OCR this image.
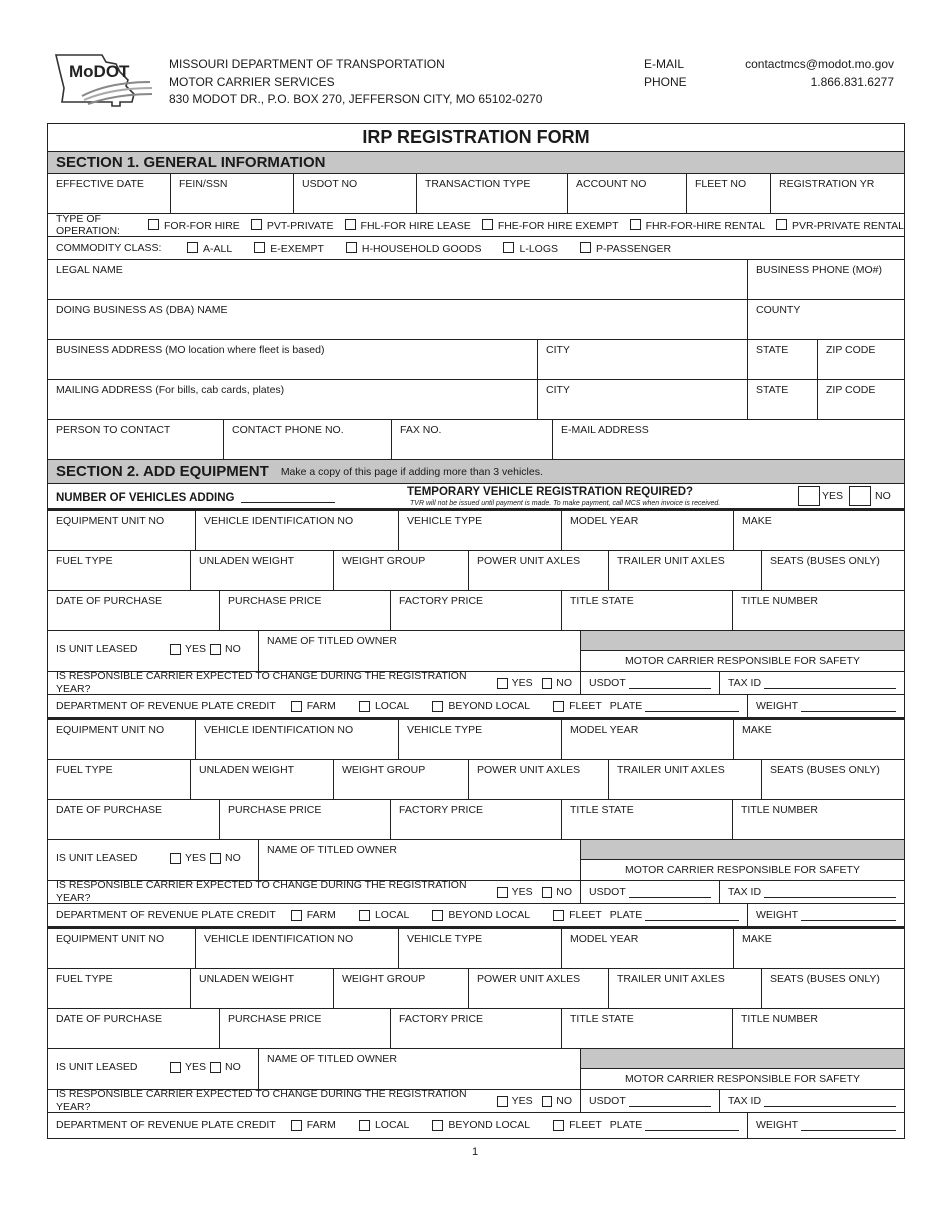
MoDOT	MISSOURI DEPARTMENT OF TRANSPORTATION
MOTOR CARRIER SERVICES
830 MODOT DR., P.O. BOX 270, JEFFERSON CITY, MO 65102-0270
E-MAIL
PHONE
contactmcs@modot.mo.gov
1.866.831.6277
IRP REGISTRATION FORM
SECTION 1. GENERAL INFORMATION
EFFECTIVE DATE	FEIN/SSN	USDOT NO	TRANSACTION TYPE	ACCOUNT NO	FLEET NO	REGISTRATION YR
TYPE OF OPERATION:	FOR-FOR HIRE	PVT-PRIVATE	FHL-FOR HIRE LEASE	FHE-FOR HIRE EXEMPT	FHR-FOR-HIRE RENTAL	PVR-PRIVATE RENTAL
COMMODITY CLASS:	A-ALL	E-EXEMPT	H-HOUSEHOLD GOODS	L-LOGS	P-PASSENGER
LEGAL NAME	BUSINESS PHONE (MO#)
DOING BUSINESS AS (DBA) NAME	COUNTY
BUSINESS ADDRESS (MO location where fleet is based)	CITY	STATE	ZIP CODE
MAILING ADDRESS (For bills, cab cards, plates)	CITY	STATE	ZIP CODE
PERSON TO CONTACT	CONTACT PHONE NO.	FAX NO.	E-MAIL ADDRESS
SECTION 2. ADD EQUIPMENT Make a copy of this page if adding more than 3 vehicles.
NUMBER OF VEHICLES ADDING	TEMPORARY VEHICLE REGISTRATION REQUIRED?
TVR will not be issued until payment is made. To make payment, call MCS when invoice is received.
YES	NO
EQUIPMENT UNIT NO	VEHICLE IDENTIFICATION NO	VEHICLE TYPE	MODEL YEAR	MAKE
FUEL TYPE	UNLADEN WEIGHT	WEIGHT GROUP	POWER UNIT AXLES	TRAILER UNIT AXLES	SEATS (BUSES ONLY)
DATE OF PURCHASE	PURCHASE PRICE	FACTORY PRICE	TITLE STATE	TITLE NUMBER
IS UNIT LEASED	YES NO
NAME OF TITLED OWNER
MOTOR CARRIER RESPONSIBLE FOR SAFETY
IS RESPONSIBLE CARRIER EXPECTED TO CHANGE DURING THE REGISTRATION YEAR?
YES NO USDOT	TAX ID
DEPARTMENT OF REVENUE PLATE CREDIT	FARM	LOCAL	BEYOND LOCAL	FLEET PLATE	WEIGHT
EQUIPMENT UNIT NO	VEHICLE IDENTIFICATION NO	VEHICLE TYPE	MODEL YEAR	MAKE
FUEL TYPE	UNLADEN WEIGHT	WEIGHT GROUP	POWER UNIT AXLES	TRAILER UNIT AXLES	SEATS (BUSES ONLY)
DATE OF PURCHASE	PURCHASE PRICE	FACTORY PRICE	TITLE STATE	TITLE NUMBER
IS UNIT LEASED	YES NO
NAME OF TITLED OWNER
MOTOR CARRIER RESPONSIBLE FOR SAFETY
IS RESPONSIBLE CARRIER EXPECTED TO CHANGE DURING THE REGISTRATION YEAR?
YES NO USDOT	TAX ID
DEPARTMENT OF REVENUE PLATE CREDIT	FARM	LOCAL	BEYOND LOCAL	FLEET PLATE	WEIGHT
EQUIPMENT UNIT NO	VEHICLE IDENTIFICATION NO	VEHICLE TYPE	MODEL YEAR	MAKE
FUEL TYPE	UNLADEN WEIGHT	WEIGHT GROUP	POWER UNIT AXLES	TRAILER UNIT AXLES	SEATS (BUSES ONLY)
DATE OF PURCHASE	PURCHASE PRICE	FACTORY PRICE	TITLE STATE	TITLE NUMBER
IS UNIT LEASED	YES NO
NAME OF TITLED OWNER
MOTOR CARRIER RESPONSIBLE FOR SAFETY
IS RESPONSIBLE CARRIER EXPECTED TO CHANGE DURING THE REGISTRATION YEAR?
YES NO USDOT	TAX ID
DEPARTMENT OF REVENUE PLATE CREDIT	FARM	LOCAL	BEYOND LOCAL	FLEET PLATE	WEIGHT
1
